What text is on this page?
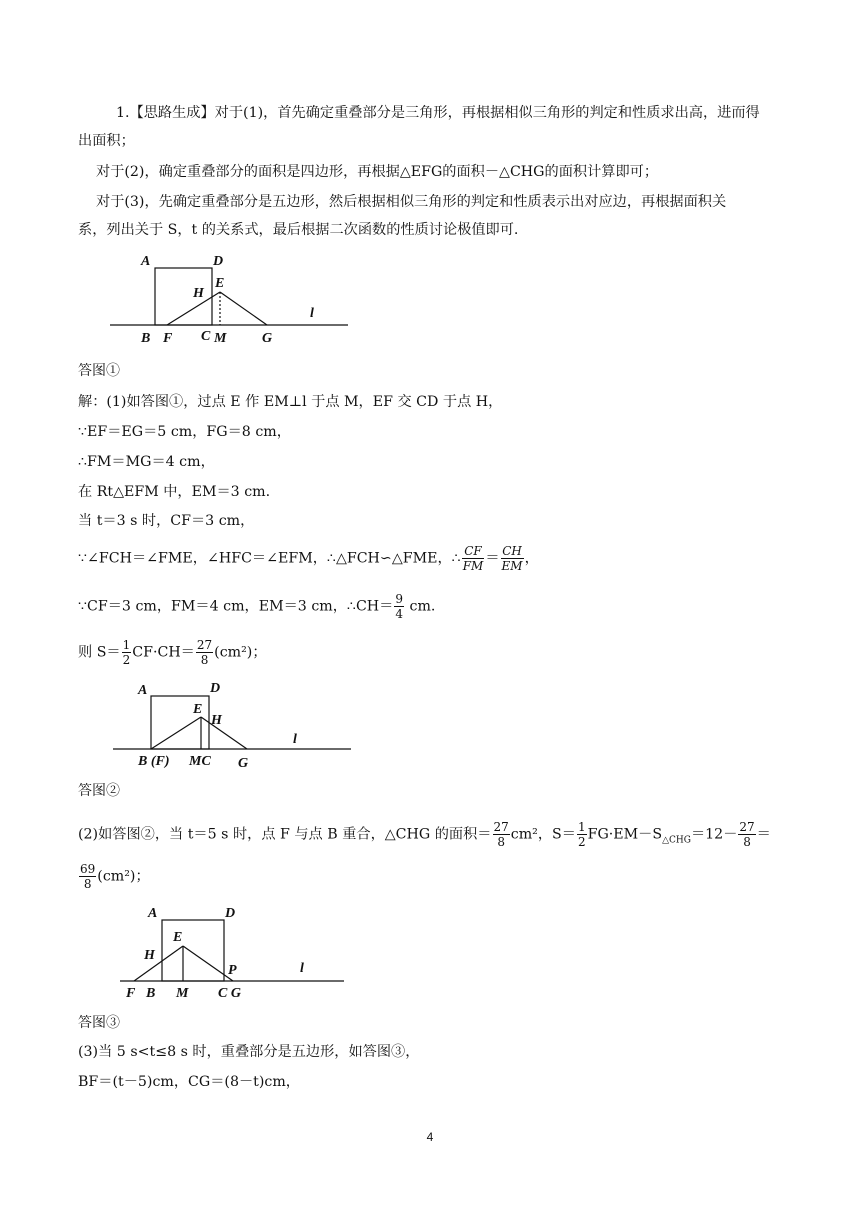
1.【思路生成】对于(1)，首先确定重叠部分是三角形，再根据相似三角形的判定和性质求出高，进而得
出面积；
对于(2)，确定重叠部分的面积是四边形，再根据△EFG的面积－△CHG的面积计算即可；
对于(3)，先确定重叠部分是五边形，然后根据相似三角形的判定和性质表示出对应边，再根据面积关
系，列出关于 S，t 的关系式，最后根据二次函数的性质讨论极值即可.
A	D
E
H
B F C M	G
l
答图①
解：(1)如答图①，过点 E 作 EM⊥l 于点 M，EF 交 CD 于点 H，
∵EF＝EG＝5 cm，FG＝8 cm，
∴FM＝MG＝4 cm，
在 Rt△EFM 中，EM＝3 cm.
当 t＝3 s 时，CF＝3 cm，
∵∠FCH＝∠FME，∠HFC＝∠EFM，∴△FCH∽△FME，∴ $\frac{CF}{FM} = \frac{CH}{EM}$ ，
∵CF＝3 cm，FM＝4 cm，EM＝3 cm，∴CH＝ $\frac{9}{4}$ cm.
则 $S= \frac{1}{2} CF\cdot CH= \frac{27}{8} (cm^2)$；
A	D
E
H
B (F) MC G
l
答图②
(2)如答图②，当 t＝5 s 时，点 F 与点 B 重合，△CHG 的面积＝ $\frac{27}{8} cm^2$，$S= \frac{1}{2} FG\cdot EM-S_{\triangle CHG}=12- \frac{27}{8}$ ＝
$\frac{69}{8} (cm^2)$；
A	D
E
H
P
F B M C G
l
答图③
(3)当 5 s<t≤8 s 时，重叠部分是五边形，如答图③，
BF＝(t－5)cm，CG＝(8－t)cm，
4
